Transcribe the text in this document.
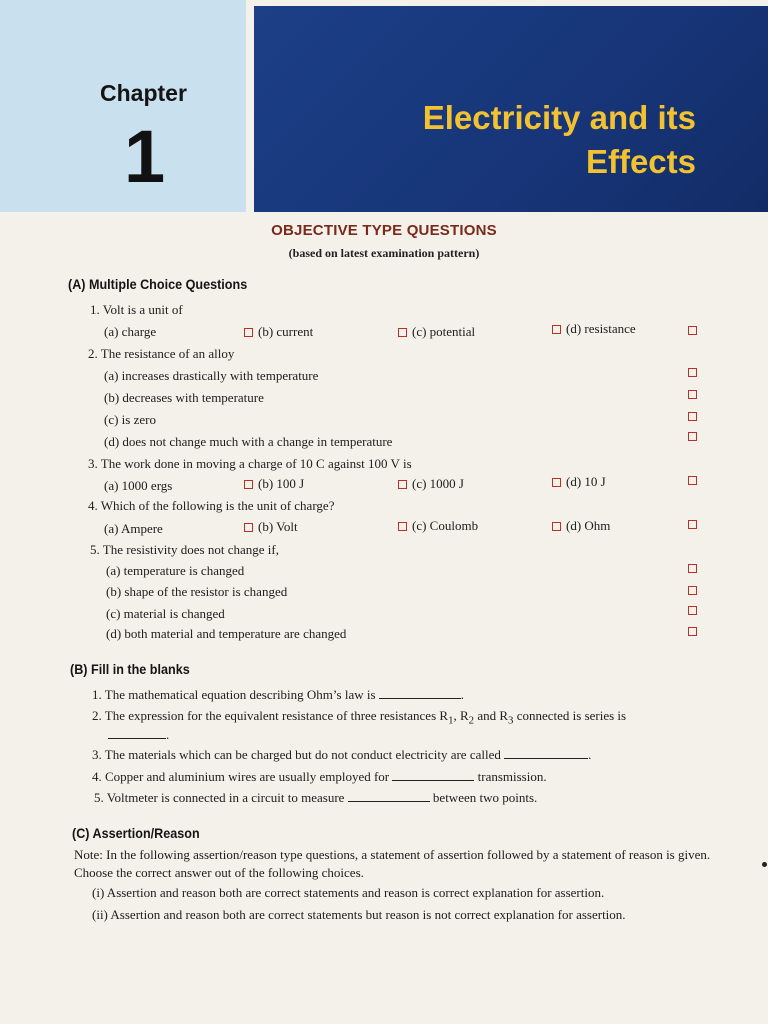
Chapter
1	Electricity and its
Effects
OBJECTIVE TYPE QUESTIONS
(based on latest examination pattern)
(A) Multiple Choice Questions
1. Volt is a unit of
(a) charge	(b) current	(c) potential	(d) resistance
2. The resistance of an alloy
(a) increases drastically with temperature
(b) decreases with temperature
(c) is zero
(d) does not change much with a change in temperature
3. The work done in moving a charge of 10 C against 100 V is
(a) 1000 ergs	(b) 100 J	(c) 1000 J	(d) 10 J
4. Which of the following is the unit of charge?
(a) Ampere	(b) Volt	(c) Coulomb	(d) Ohm
5. The resistivity does not change if,
(a) temperature is changed
(b) shape of the resistor is changed
(c) material is changed
(d) both material and temperature are changed
(B) Fill in the blanks
1. The mathematical equation describing Ohm’s law is	.
2. The expression for the equivalent resistance of three resistances $R_1$, $R_2$ and $R_3$ connected is series is
.
3. The materials which can be charged but do not conduct electricity are called	.
4. Copper and aluminium wires are usually employed for	transmission.
5. Voltmeter is connected in a circuit to measure	between two points.
(C) Assertion/Reason
Note: In the following assertion/reason type questions, a statement of assertion followed by a statement of reason is given. Choose the correct answer out of the following choices.
(i) Assertion and reason both are correct statements and reason is correct explanation for assertion.
(ii) Assertion and reason both are correct statements but reason is not correct explanation for assertion.
